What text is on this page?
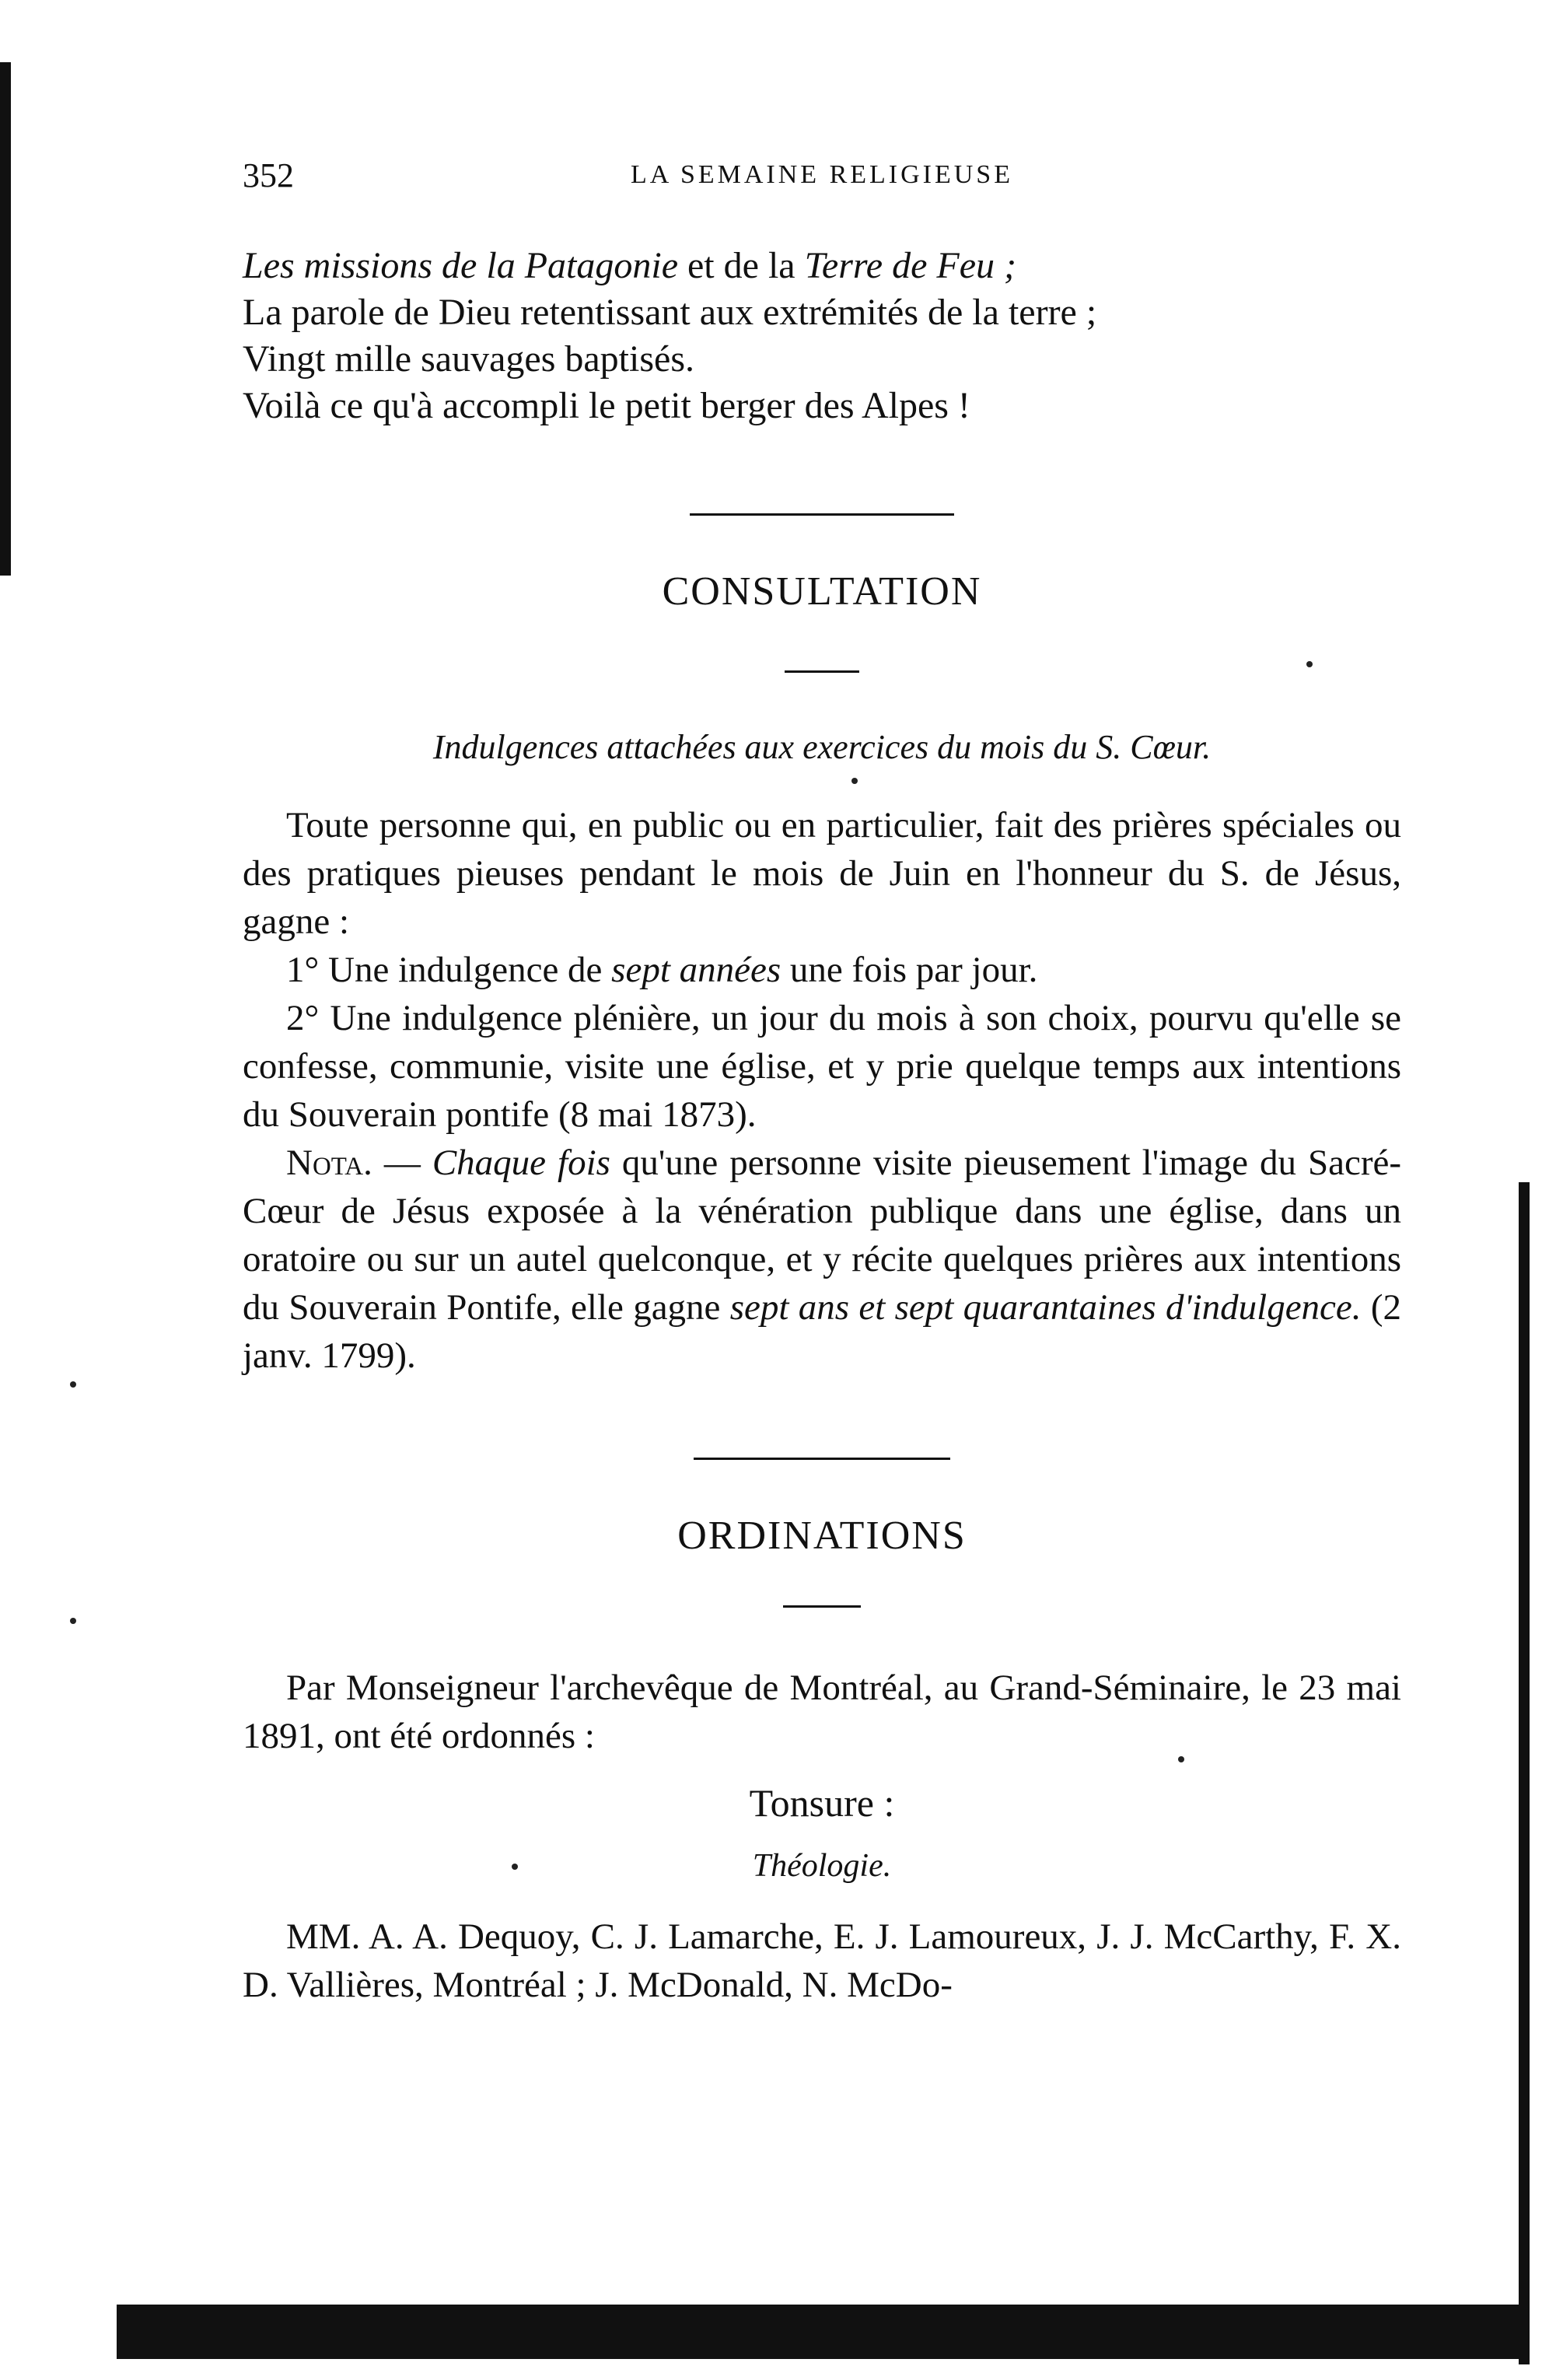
352	LA SEMAINE RELIGIEUSE
Les missions de la Patagonie et de la Terre de Feu ;
La parole de Dieu retentissant aux extrémités de la terre ;
Vingt mille sauvages baptisés.
Voilà ce qu'à accompli le petit berger des Alpes !
CONSULTATION
Indulgences attachées aux exercices du mois du S. Cœur.
Toute personne qui, en public ou en particulier, fait des prières spéciales ou des pratiques pieuses pendant le mois de Juin en l'honneur du S. de Jésus, gagne :
1° Une indulgence de sept années une fois par jour.
2° Une indulgence plénière, un jour du mois à son choix, pourvu qu'elle se confesse, communie, visite une église, et y prie quelque temps aux intentions du Souverain pontife (8 mai 1873).
Nota. — Chaque fois qu'une personne visite pieusement l'image du Sacré-Cœur de Jésus exposée à la vénération publique dans une église, dans un oratoire ou sur un autel quelconque, et y récite quelques prières aux intentions du Souverain Pontife, elle gagne sept ans et sept quarantaines d'indulgence. (2 janv. 1799).
ORDINATIONS
Par Monseigneur l'archevêque de Montréal, au Grand-Séminaire, le 23 mai 1891, ont été ordonnés :
Tonsure :
Théologie.
MM. A. A. Dequoy, C. J. Lamarche, E. J. Lamoureux, J. J. McCarthy, F. X. D. Vallières, Montréal ; J. McDonald, N. McDo-
